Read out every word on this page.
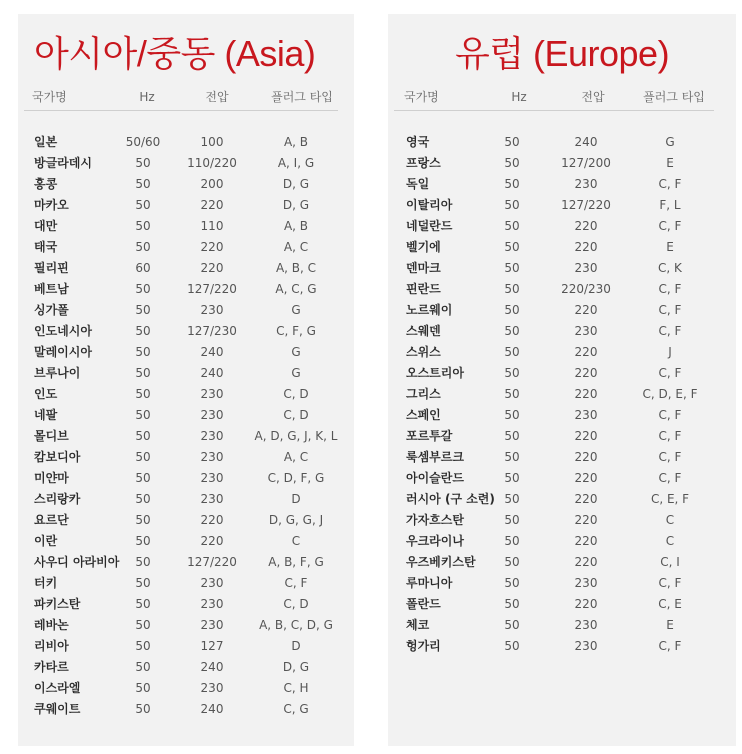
아시아/중동 (Asia)
국가명	Hz	전압	플러그 타입
일본	50/60	100	A, B
방글라데시	50	110/220	A, I, G
홍콩	50	200	D, G
마카오	50	220	D, G
대만	50	110	A, B
태국	50	220	A, C
필리핀	60	220	A, B, C
베트남	50	127/220	A, C, G
싱가폴	50	230	G
인도네시아	50	127/230	C, F, G
말레이시아	50	240	G
브루나이	50	240	G
인도	50	230	C, D
네팔	50	230	C, D
몰디브	50	230	A, D, G, J, K, L
캄보디아	50	230	A, C
미얀마	50	230	C, D, F, G
스리랑카	50	230	D
요르단	50	220	D, G, G, J
이란	50	220	C
사우디 아라비아	50	127/220	A, B, F, G
터키	50	230	C, F
파키스탄	50	230	C, D
레바논	50	230	A, B, C, D, G
리비아	50	127	D
카타르	50	240	D, G
이스라엘	50	230	C, H
쿠웨이트	50	240	C, G
유럽 (Europe)
국가명	Hz	전압	플러그 타입
영국	50	240	G
프랑스	50	127/200	E
독일	50	230	C, F
이탈리아	50	127/220	F, L
네덜란드	50	220	C, F
벨기에	50	220	E
덴마크	50	230	C, K
핀란드	50	220/230	C, F
노르웨이	50	220	C, F
스웨덴	50	230	C, F
스위스	50	220	J
오스트리아	50	220	C, F
그리스	50	220	C, D, E, F
스페인	50	230	C, F
포르투갈	50	220	C, F
룩셈부르크	50	220	C, F
아이슬란드	50	220	C, F
러시아 (구 소련) 50	220	C, E, F
가자흐스탄	50	220	C
우크라이나	50	220	C
우즈베키스탄	50	220	C, I
루마니아	50	230	C, F
폴란드	50	220	C, E
체코	50	230	E
헝가리	50	230	C, F
